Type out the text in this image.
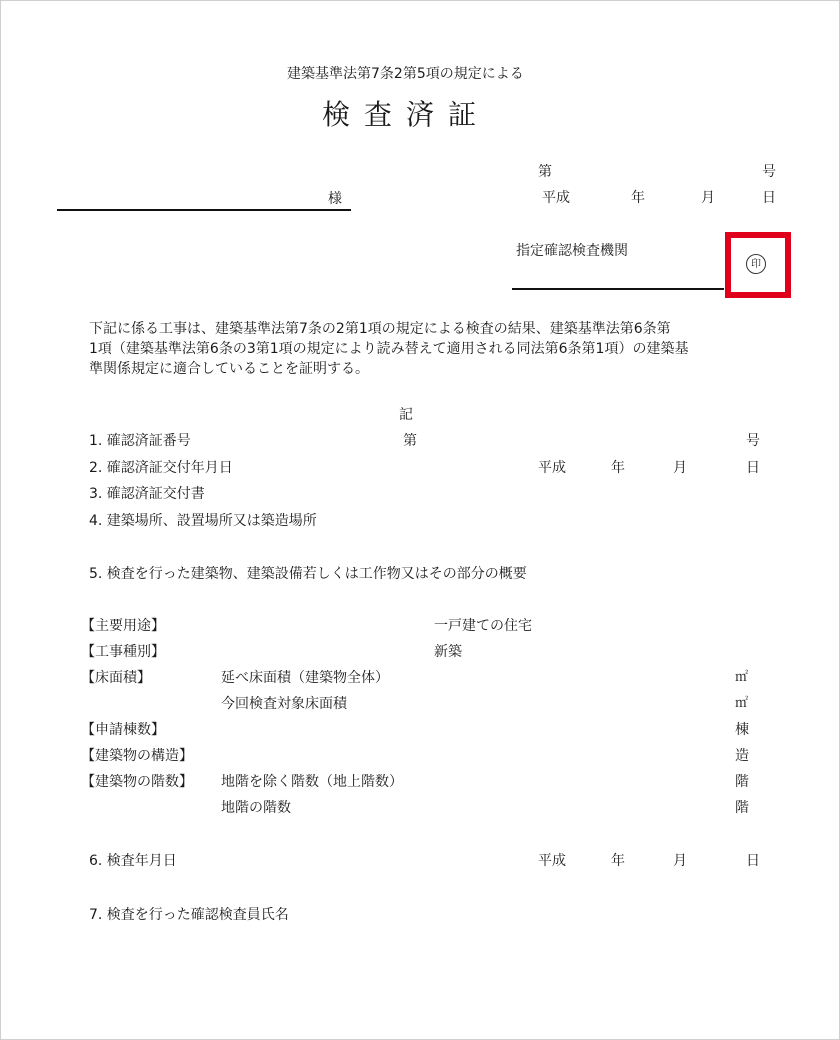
建築基準法第7条2第5項の規定による
検査済証
第	号
平成	年	月	日
様
指定確認検査機関
印
下記に係る工事は、建築基準法第7条の2第1項の規定による検査の結果、建築基準法第6条第
1項（建築基準法第6条の3第1項の規定により読み替えて適用される同法第6条第1項）の建築基
準関係規定に適合していることを証明する。
記
1. 確認済証番号	第	号
2. 確認済証交付年月日	平成	年	月	日
3. 確認済証交付書
4. 建築場所、設置場所又は築造場所
5. 検査を行った建築物、建築設備若しくは工作物又はその部分の概要
【主要用途】	一戸建ての住宅
【工事種別】	新築
【床面積】	延べ床面積（建築物全体）	㎡
今回検査対象床面積	㎡
【申請棟数】	棟
【建築物の構造】	造
【建築物の階数】 地階を除く階数（地上階数）	階
地階の階数	階
6. 検査年月日	平成	年	月	日
7. 検査を行った確認検査員氏名
